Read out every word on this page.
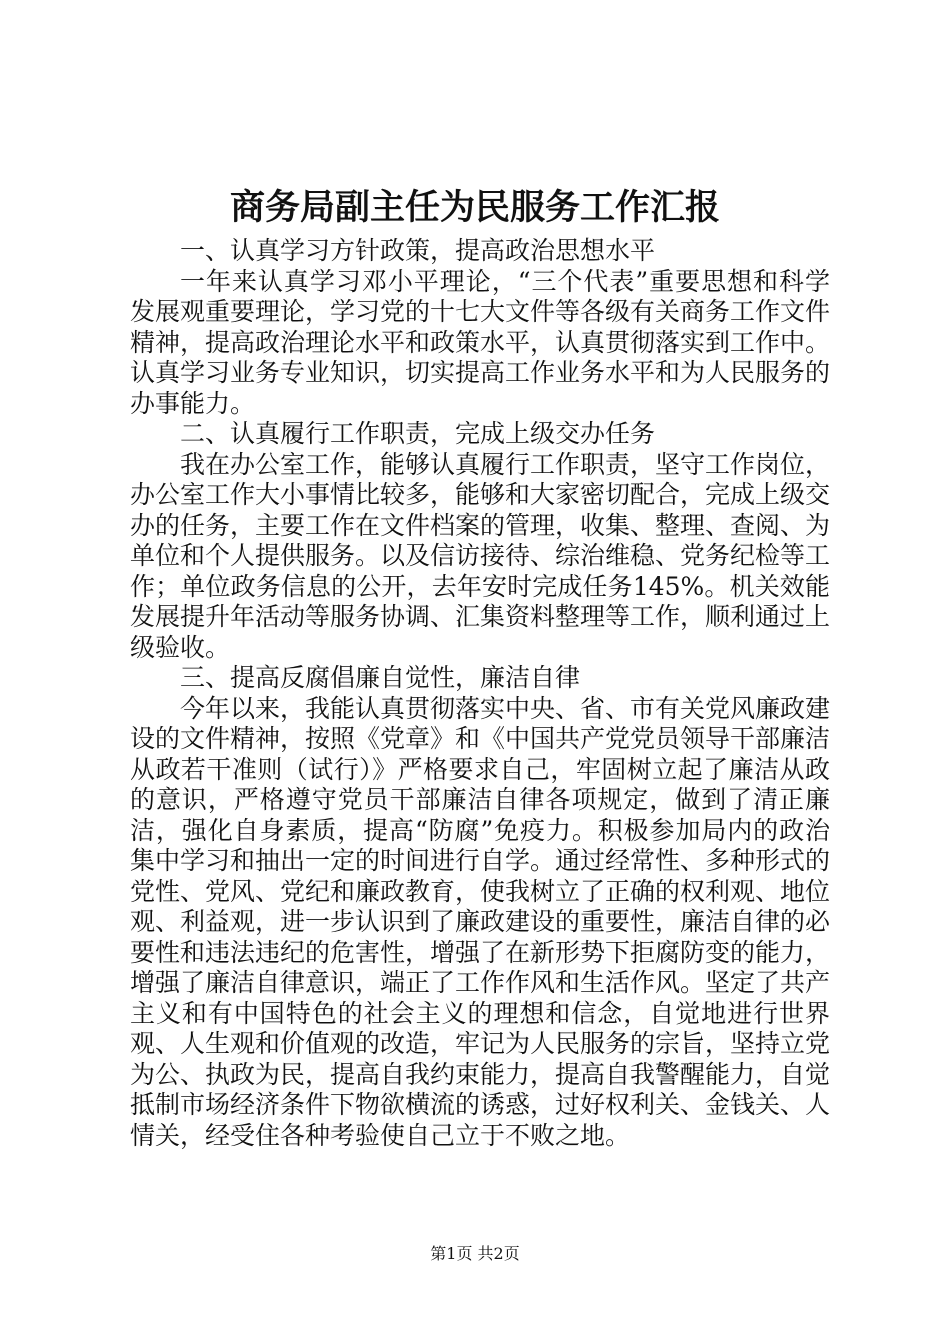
商务局副主任为民服务工作汇报

一、认真学习方针政策，提高政治思想水平

一年来认真学习邓小平理论，“三个代表”重要思想和科学发展观重要理论，学习党的十七大文件等各级有关商务工作文件精神，提高政治理论水平和政策水平，认真贯彻落实到工作中。认真学习业务专业知识，切实提高工作业务水平和为人民服务的办事能力。

二、认真履行工作职责，完成上级交办任务

我在办公室工作，能够认真履行工作职责，坚守工作岗位，办公室工作大小事情比较多，能够和大家密切配合，完成上级交办的任务，主要工作在文件档案的管理，收集、整理、查阅、为单位和个人提供服务。以及信访接待、综治维稳、党务纪检等工作；单位政务信息的公开，去年安时完成任务145%。机关效能发展提升年活动等服务协调、汇集资料整理等工作，顺利通过上级验收。

三、提高反腐倡廉自觉性，廉洁自律

今年以来，我能认真贯彻落实中央、省、市有关党风廉政建设的文件精神，按照《党章》和《中国共产党党员领导干部廉洁从政若干准则（试行）》严格要求自己，牢固树立起了廉洁从政的意识，严格遵守党员干部廉洁自律各项规定，做到了清正廉洁，强化自身素质，提高“防腐”免疫力。积极参加局内的政治集中学习和抽出一定的时间进行自学。通过经常性、多种形式的党性、党风、党纪和廉政教育，使我树立了正确的权利观、地位观、利益观，进一步认识到了廉政建设的重要性，廉洁自律的必要性和违法违纪的危害性，增强了在新形势下拒腐防变的能力，增强了廉洁自律意识，端正了工作作风和生活作风。坚定了共产主义和有中国特色的社会主义的理想和信念，自觉地进行世界观、人生观和价值观的改造，牢记为人民服务的宗旨，坚持立党为公、执政为民，提高自我约束能力，提高自我警醒能力，自觉抵制市场经济条件下物欲横流的诱惑，过好权利关、金钱关、人情关，经受住各种考验使自己立于不败之地。

第1页 共2页
